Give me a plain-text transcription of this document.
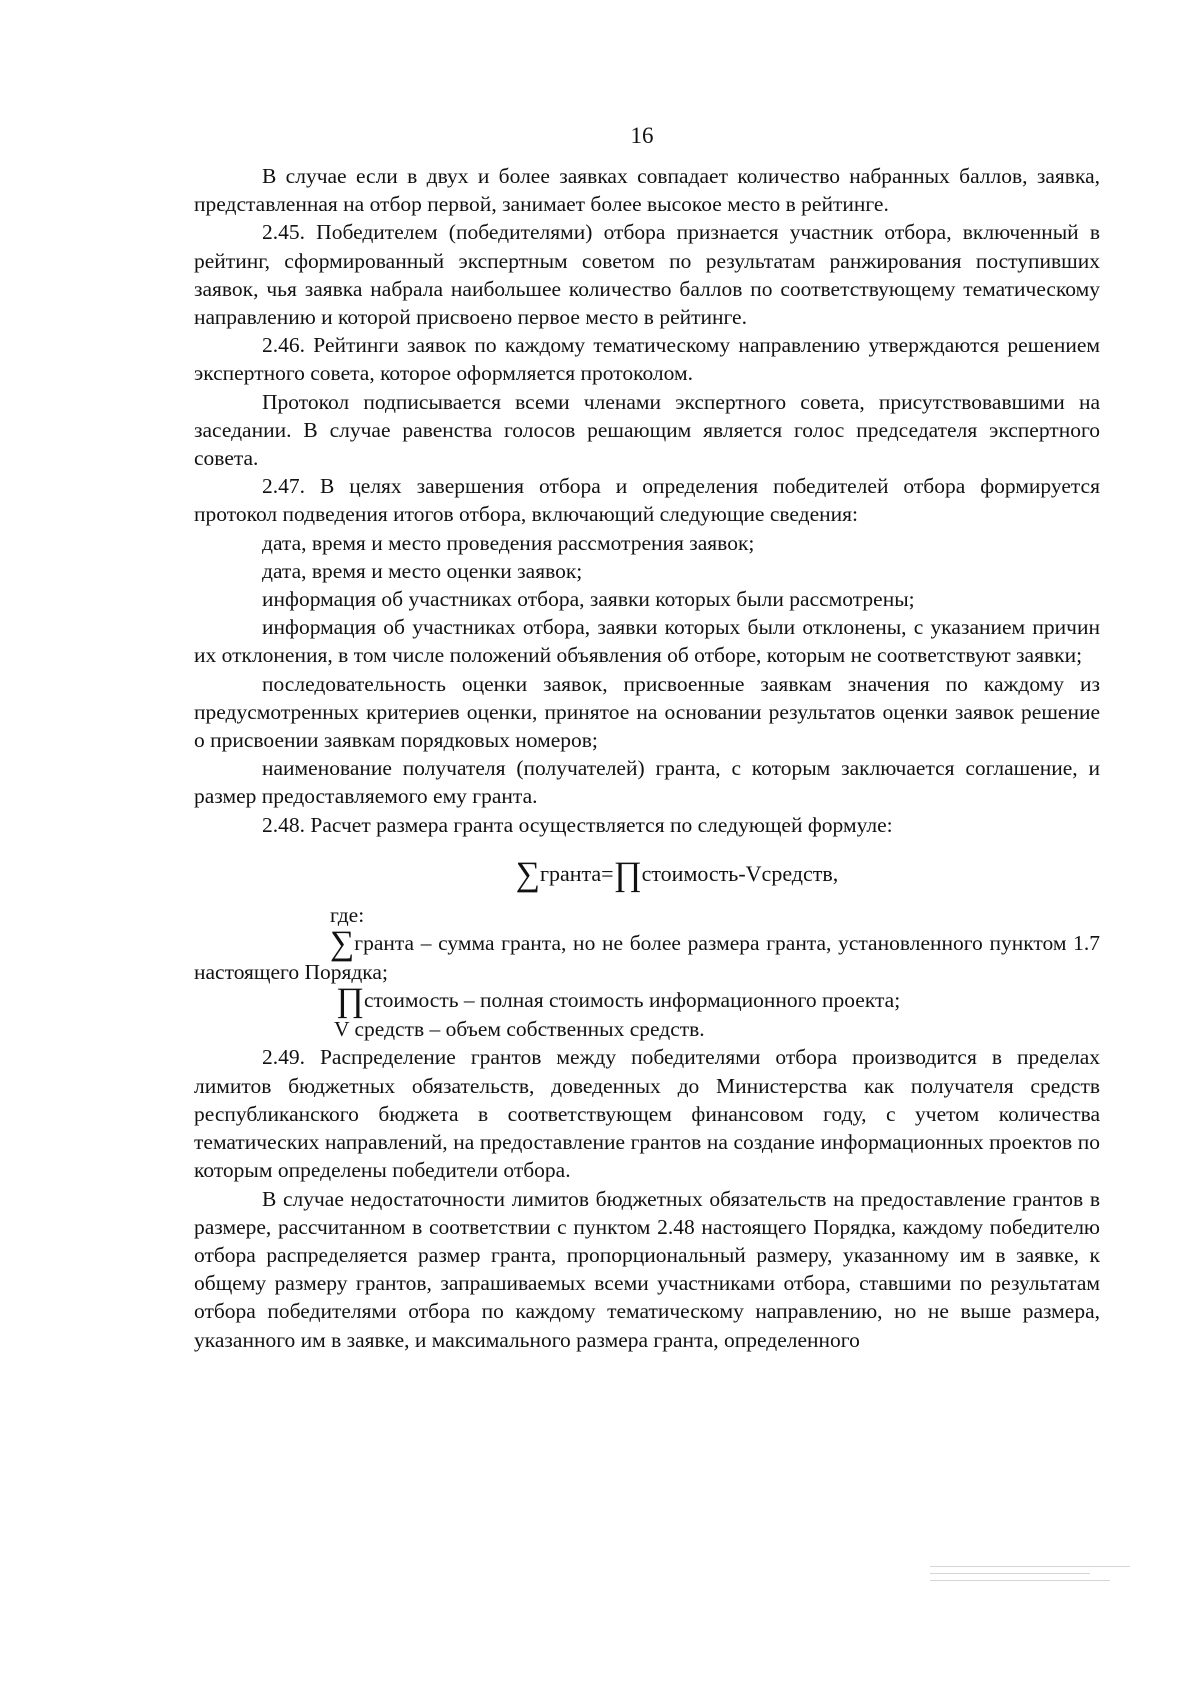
16

В случае если в двух и более заявках совпадает количество набранных баллов, заявка, представленная на отбор первой, занимает более высокое место в рейтинге.

2.45. Победителем (победителями) отбора признается участник отбора, включенный в рейтинг, сформированный экспертным советом по результатам ранжирования поступивших заявок, чья заявка набрала наибольшее количество баллов по соответствующему тематическому направлению и которой присвоено первое место в рейтинге.

2.46. Рейтинги заявок по каждому тематическому направлению утверждаются решением экспертного совета, которое оформляется протоколом.

Протокол подписывается всеми членами экспертного совета, присутствовавшими на заседании. В случае равенства голосов решающим является голос председателя экспертного совета.

2.47. В целях завершения отбора и определения победителей отбора формируется протокол подведения итогов отбора, включающий следующие сведения:

дата, время и место проведения рассмотрения заявок;

дата, время и место оценки заявок;

информация об участниках отбора, заявки которых были рассмотрены;

информация об участниках отбора, заявки которых были отклонены, с указанием причин их отклонения, в том числе положений объявления об отборе, которым не соответствуют заявки;

последовательность оценки заявок, присвоенные заявкам значения по каждому из предусмотренных критериев оценки, принятое на основании результатов оценки заявок решение о присвоении заявкам порядковых номеров;

наименование получателя (получателей) гранта, с которым заключается соглашение, и размер предоставляемого ему гранта.

2.48. Расчет размера гранта осуществляется по следующей формуле:

∑гранта=∏стоимость-Vсредств,

где:

∑гранта – сумма гранта, но не более размера гранта, установленного пунктом 1.7 настоящего Порядка;

∏стоимость – полная стоимость информационного проекта;

V средств – объем собственных средств.

2.49. Распределение грантов между победителями отбора производится в пределах лимитов бюджетных обязательств, доведенных до Министерства как получателя средств республиканского бюджета в соответствующем финансовом году, с учетом количества тематических направлений, на предоставление грантов на создание информационных проектов по которым определены победители отбора.

В случае недостаточности лимитов бюджетных обязательств на предоставление грантов в размере, рассчитанном в соответствии с пунктом 2.48 настоящего Порядка, каждому победителю отбора распределяется размер гранта, пропорциональный размеру, указанному им в заявке, к общему размеру грантов, запрашиваемых всеми участниками отбора, ставшими по результатам отбора победителями отбора по каждому тематическому направлению, но не выше размера, указанного им в заявке, и максимального размера гранта, определенного
